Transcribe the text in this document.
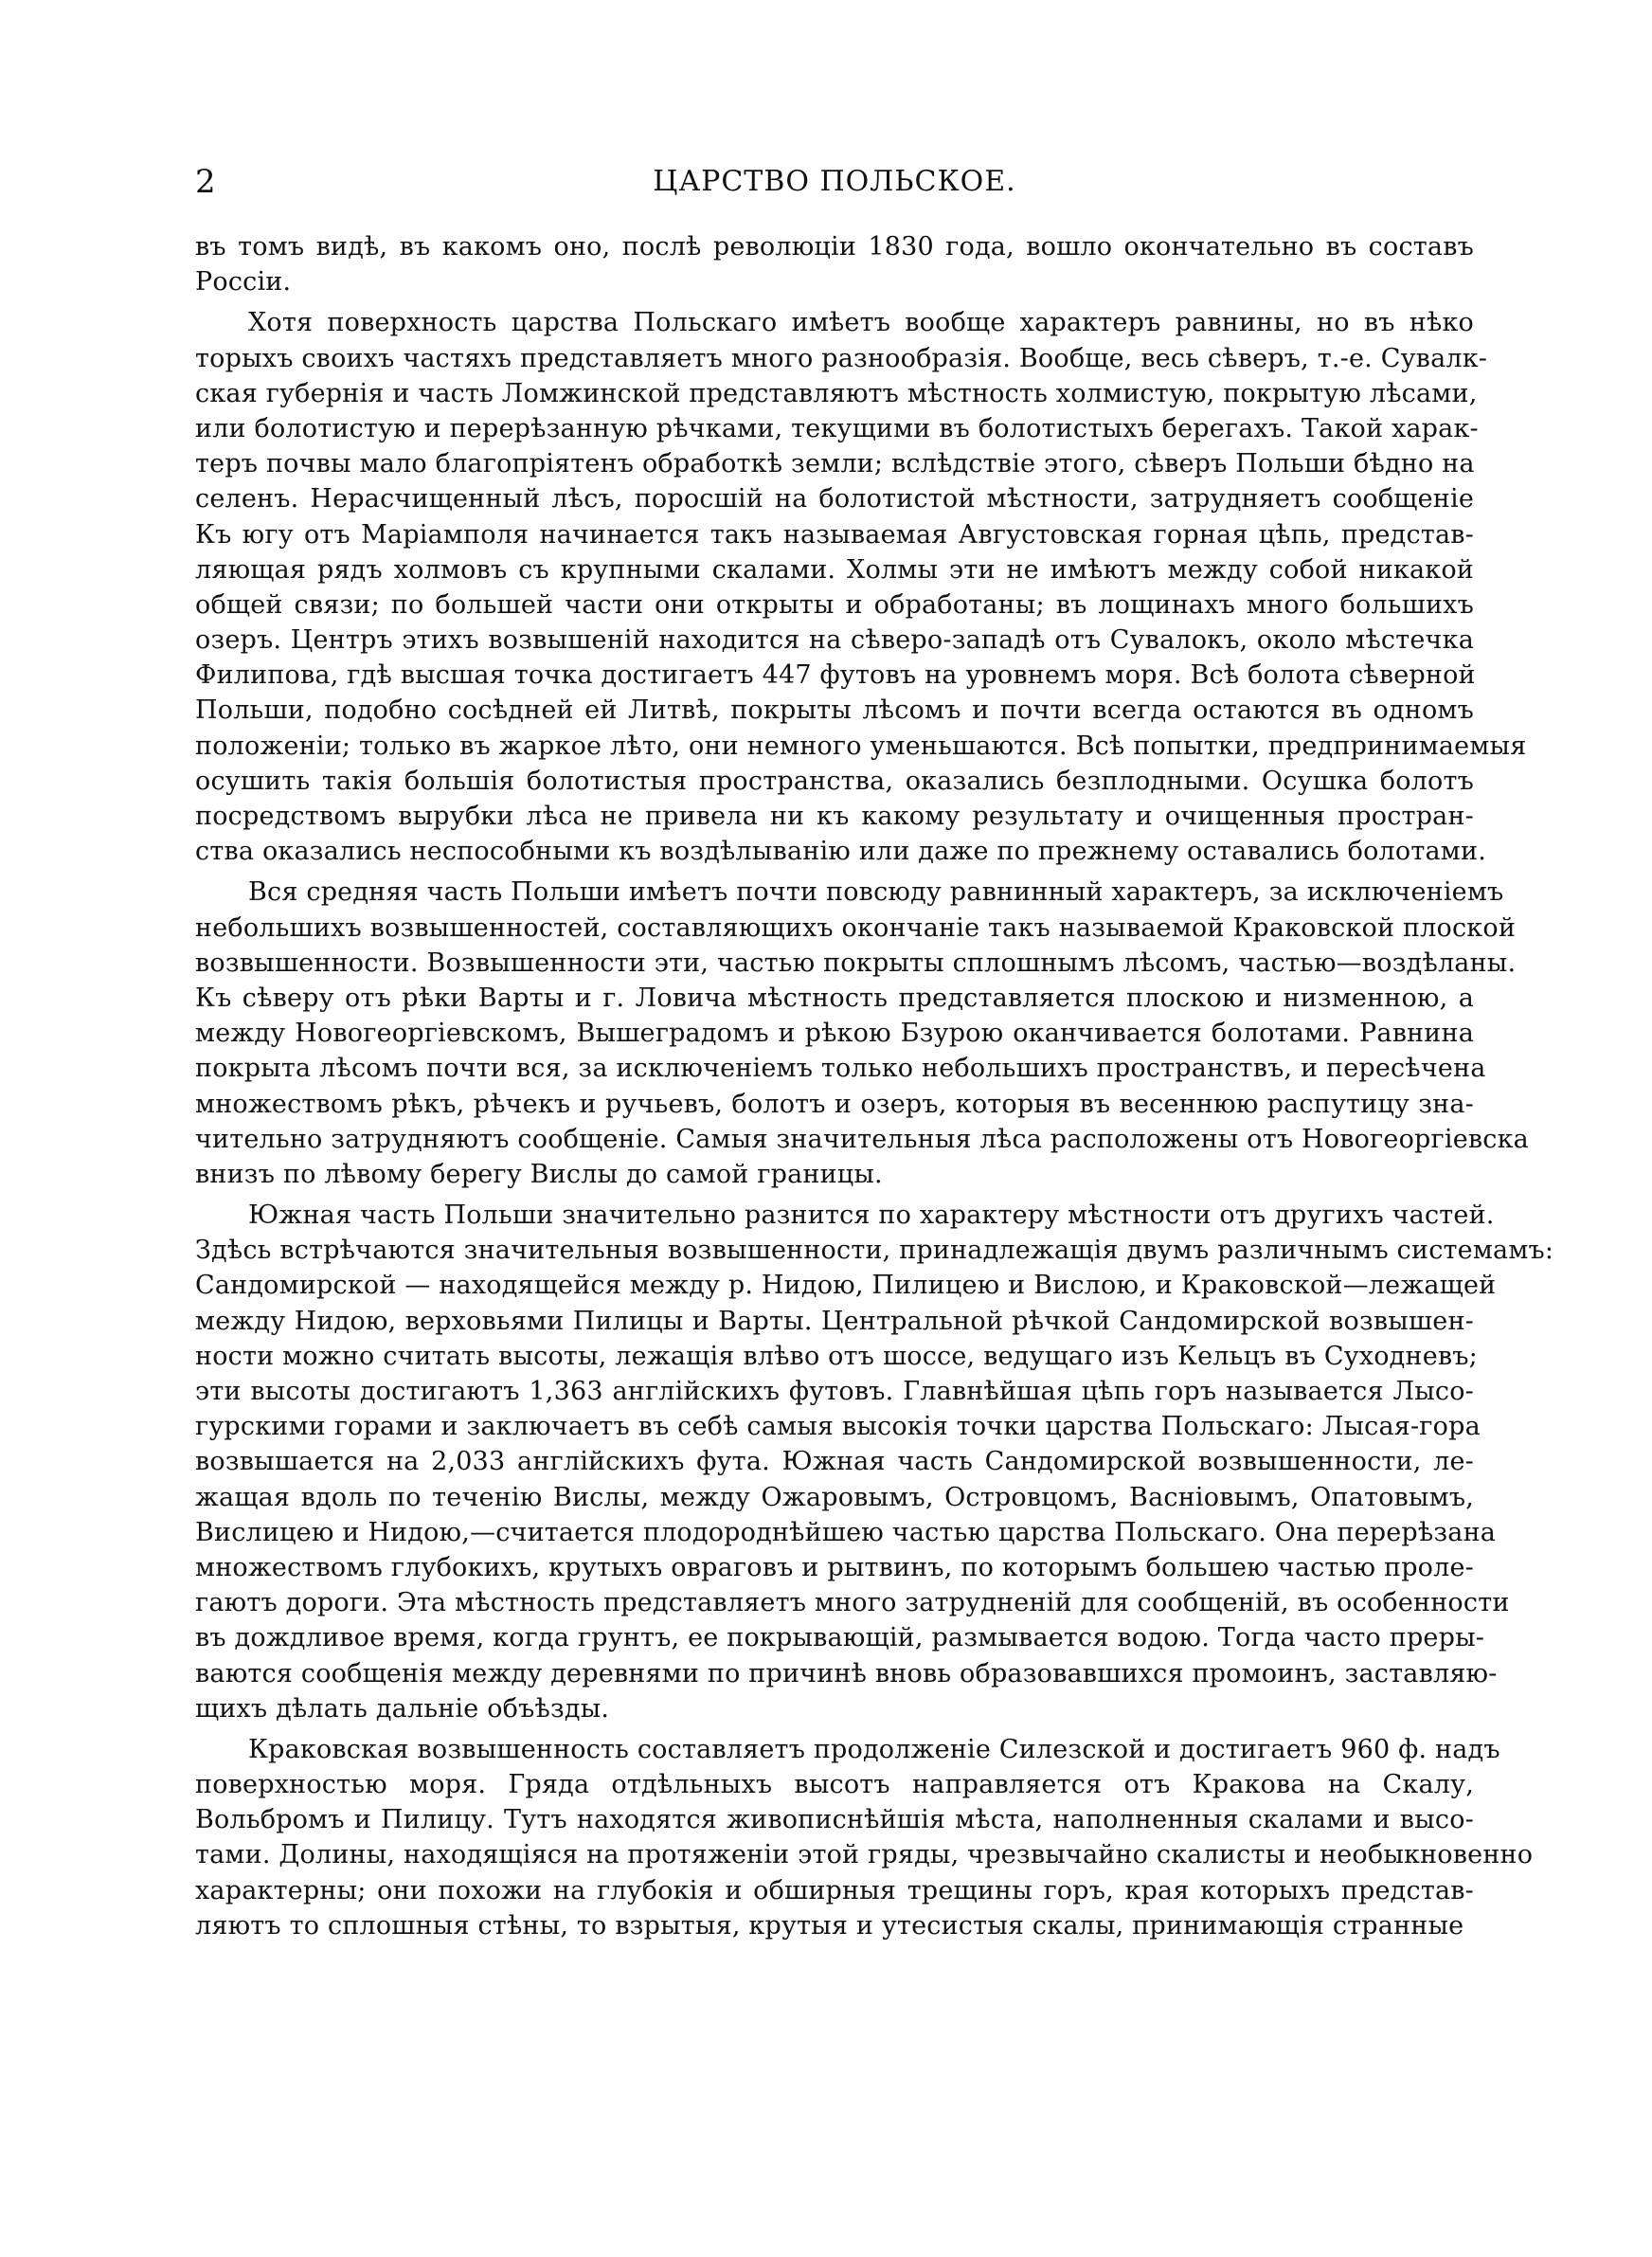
2	ЦАРСТВО ПОЛЬСКОЕ.
въ томъ видѣ, въ какомъ оно, послѣ революціи 1830 года, вошло окончательно въ составъ
Россіи.
Хотя поверхность царства Польскаго имѣетъ вообще характеръ равнины, но въ нѣко
торыхъ своихъ частяхъ представляетъ много разнообразія. Вообще, весь сѣверъ, т.-е. Сувалк-
ская губернія и часть Ломжинской представляютъ мѣстность холмистую, покрытую лѣсами,
или болотистую и перерѣзанную рѣчками, текущими въ болотистыхъ берегахъ. Такой харак-
теръ почвы мало благопріятенъ обработкѣ земли; вслѣдствіе этого, сѣверъ Польши бѣдно на
селенъ. Нерасчищенный лѣсъ, поросшій на болотистой мѣстности, затрудняетъ сообщеніе
Къ югу отъ Маріамполя начинается такъ называемая Августовская горная цѣпь, представ-
ляющая рядъ холмовъ съ крупными скалами. Холмы эти не имѣютъ между собой никакой
общей связи; по большей части они открыты и обработаны; въ лощинахъ много большихъ
озеръ. Центръ этихъ возвышеній находится на сѣверо-западѣ отъ Сувалокъ, около мѣстечка
Филипова, гдѣ высшая точка достигаетъ 447 футовъ на уровнемъ моря. Всѣ болота сѣверной
Польши, подобно сосѣдней ей Литвѣ, покрыты лѣсомъ и почти всегда остаются въ одномъ
положеніи; только въ жаркое лѣто, они немного уменьшаются. Всѣ попытки, предпринимаемыя
осушить такія большія болотистыя пространства, оказались безплодными. Осушка болотъ
посредствомъ вырубки лѣса не привела ни къ какому результату и очищенныя простран-
ства оказались неспособными къ воздѣлыванію или даже по прежнему оставались болотами.
Вся средняя часть Польши имѣетъ почти повсюду равнинный характеръ, за исключеніемъ
небольшихъ возвышенностей, составляющихъ окончаніе такъ называемой Краковской плоской
возвышенности. Возвышенности эти, частью покрыты сплошнымъ лѣсомъ, частью—воздѣланы.
Къ сѣверу отъ рѣки Варты и г. Ловича мѣстность представляется плоскою и низменною, а
между Новогеоргіевскомъ, Вышеградомъ и рѣкою Бзурою оканчивается болотами. Равнина
покрыта лѣсомъ почти вся, за исключеніемъ только небольшихъ пространствъ, и пересѣчена
множествомъ рѣкъ, рѣчекъ и ручьевъ, болотъ и озеръ, которыя въ весеннюю распутицу зна-
чительно затрудняютъ сообщеніе. Самыя значительныя лѣса расположены отъ Новогеоргіевска
внизъ по лѣвому берегу Вислы до самой границы.
Южная часть Польши значительно разнится по характеру мѣстности отъ другихъ частей.
Здѣсь встрѣчаются значительныя возвышенности, принадлежащія двумъ различнымъ системамъ:
Сандомирской — находящейся между р. Нидою, Пилицею и Вислою, и Краковской—лежащей
между Нидою, верховьями Пилицы и Варты. Центральной рѣчкой Сандомирской возвышен-
ности можно считать высоты, лежащія влѣво отъ шоссе, ведущаго изъ Кельцъ въ Суходневъ;
эти высоты достигаютъ 1,363 англійскихъ футовъ. Главнѣйшая цѣпь горъ называется Лысо-
гурскими горами и заключаетъ въ себѣ самыя высокія точки царства Польскаго: Лысая-гора
возвышается на 2,033 англійскихъ фута. Южная часть Сандомирской возвышенности, ле-
жащая вдоль по теченію Вислы, между Ожаровымъ, Островцомъ, Васніовымъ, Опатовымъ,
Вислицею и Нидою,—считается плодороднѣйшею частью царства Польскаго. Она перерѣзана
множествомъ глубокихъ, крутыхъ овраговъ и рытвинъ, по которымъ большею частью проле-
гаютъ дороги. Эта мѣстность представляетъ много затрудненій для сообщеній, въ особенности
въ дождливое время, когда грунтъ, ее покрывающій, размывается водою. Тогда часто преры-
ваются сообщенія между деревнями по причинѣ вновь образовавшихся промоинъ, заставляю-
щихъ дѣлать дальніе объѣзды.
Краковская возвышенность составляетъ продолженіе Силезской и достигаетъ 960 ф. надъ
поверхностью моря. Гряда отдѣльныхъ высотъ направляется отъ Кракова на Скалу,
Вольбромъ и Пилицу. Тутъ находятся живописнѣйшія мѣста, наполненныя скалами и высо-
тами. Долины, находящіяся на протяженіи этой гряды, чрезвычайно скалисты и необыкновенно
характерны; они похожи на глубокія и обширныя трещины горъ, края которыхъ представ-
ляютъ то сплошныя стѣны, то взрытыя, крутыя и утесистыя скалы, принимающія странные
